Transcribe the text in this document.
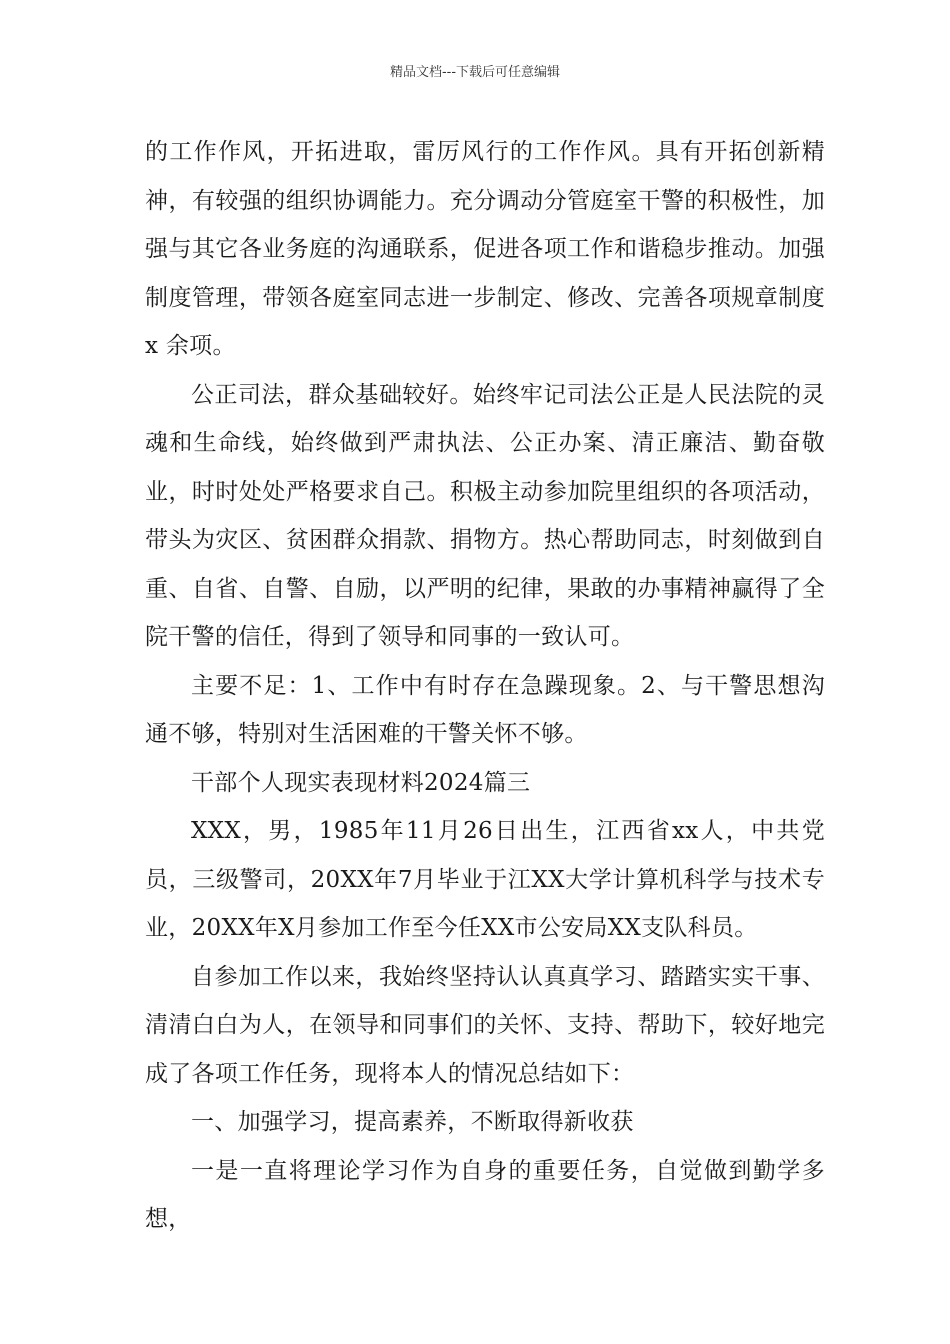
精品文档---下载后可任意编辑

的工作作风，开拓进取，雷厉风行的工作作风。具有开拓创新精神，有较强的组织协调能力。充分调动分管庭室干警的积极性，加强与其它各业务庭的沟通联系，促进各项工作和谐稳步推动。加强制度管理，带领各庭室同志进一步制定、修改、完善各项规章制度 x 余项。

公正司法，群众基础较好。始终牢记司法公正是人民法院的灵魂和生命线，始终做到严肃执法、公正办案、清正廉洁、勤奋敬业，时时处处严格要求自己。积极主动参加院里组织的各项活动，带头为灾区、贫困群众捐款、捐物方。热心帮助同志，时刻做到自重、自省、自警、自励，以严明的纪律，果敢的办事精神赢得了全院干警的信任，得到了领导和同事的一致认可。

主要不足：1、工作中有时存在急躁现象。2、与干警思想沟通不够，特别对生活困难的干警关怀不够。

干部个人现实表现材料2024篇三

XXX，男，1985年11月26日出生，江西省xx人，中共党员，三级警司，20XX年7月毕业于江XX大学计算机科学与技术专业，20XX年X月参加工作至今任XX市公安局XX支队科员。

自参加工作以来，我始终坚持认认真真学习、踏踏实实干事、清清白白为人，在领导和同事们的关怀、支持、帮助下，较好地完成了各项工作任务，现将本人的情况总结如下：

一、加强学习，提高素养，不断取得新收获

一是一直将理论学习作为自身的重要任务，自觉做到勤学多想，
